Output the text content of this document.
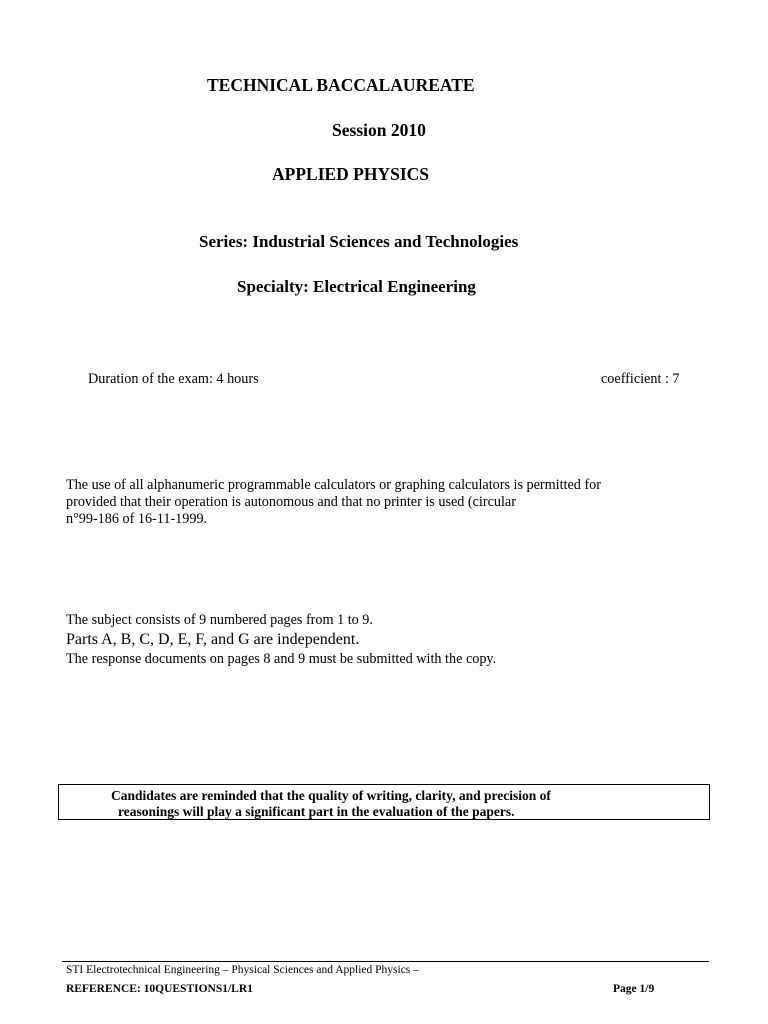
TECHNICAL BACCALAUREATE
Session 2010
APPLIED PHYSICS
Series: Industrial Sciences and Technologies
Specialty: Electrical Engineering
Duration of the exam: 4 hours	coefficient : 7
The use of all alphanumeric programmable calculators or graphing calculators is permitted for
provided that their operation is autonomous and that no printer is used (circular
n°99-186 of 16-11-1999.
The subject consists of 9 numbered pages from 1 to 9.
Parts A, B, C, D, E, F, and G are independent.
The response documents on pages 8 and 9 must be submitted with the copy.
Candidates are reminded that the quality of writing, clarity, and precision of
reasonings will play a significant part in the evaluation of the papers.
STI Electrotechnical Engineering – Physical Sciences and Applied Physics –
REFERENCE: 10QUESTIONS1/LR1	Page 1/9
